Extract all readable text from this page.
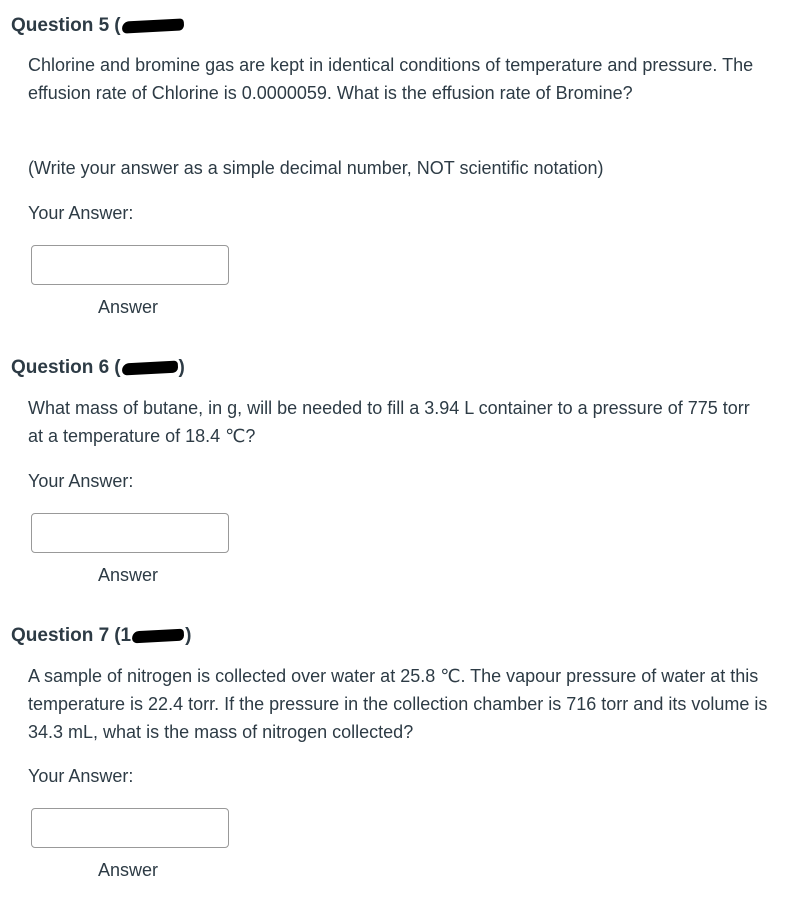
Question 5 (
Chlorine and bromine gas are kept in identical conditions of temperature and pressure. The effusion rate of Chlorine is 0.0000059. What is the effusion rate of Bromine?
(Write your answer as a simple decimal number, NOT scientific notation)
Your Answer:
Answer
Question 6 (	)
What mass of butane, in g, will be needed to fill a 3.94 L container to a pressure of 775 torr at a temperature of 18.4 ℃?
Your Answer:
Answer
Question 7 (1	)
A sample of nitrogen is collected over water at 25.8 ℃. The vapour pressure of water at this temperature is 22.4 torr. If the pressure in the collection chamber is 716 torr and its volume is 34.3 mL, what is the mass of nitrogen collected?
Your Answer:
Answer
